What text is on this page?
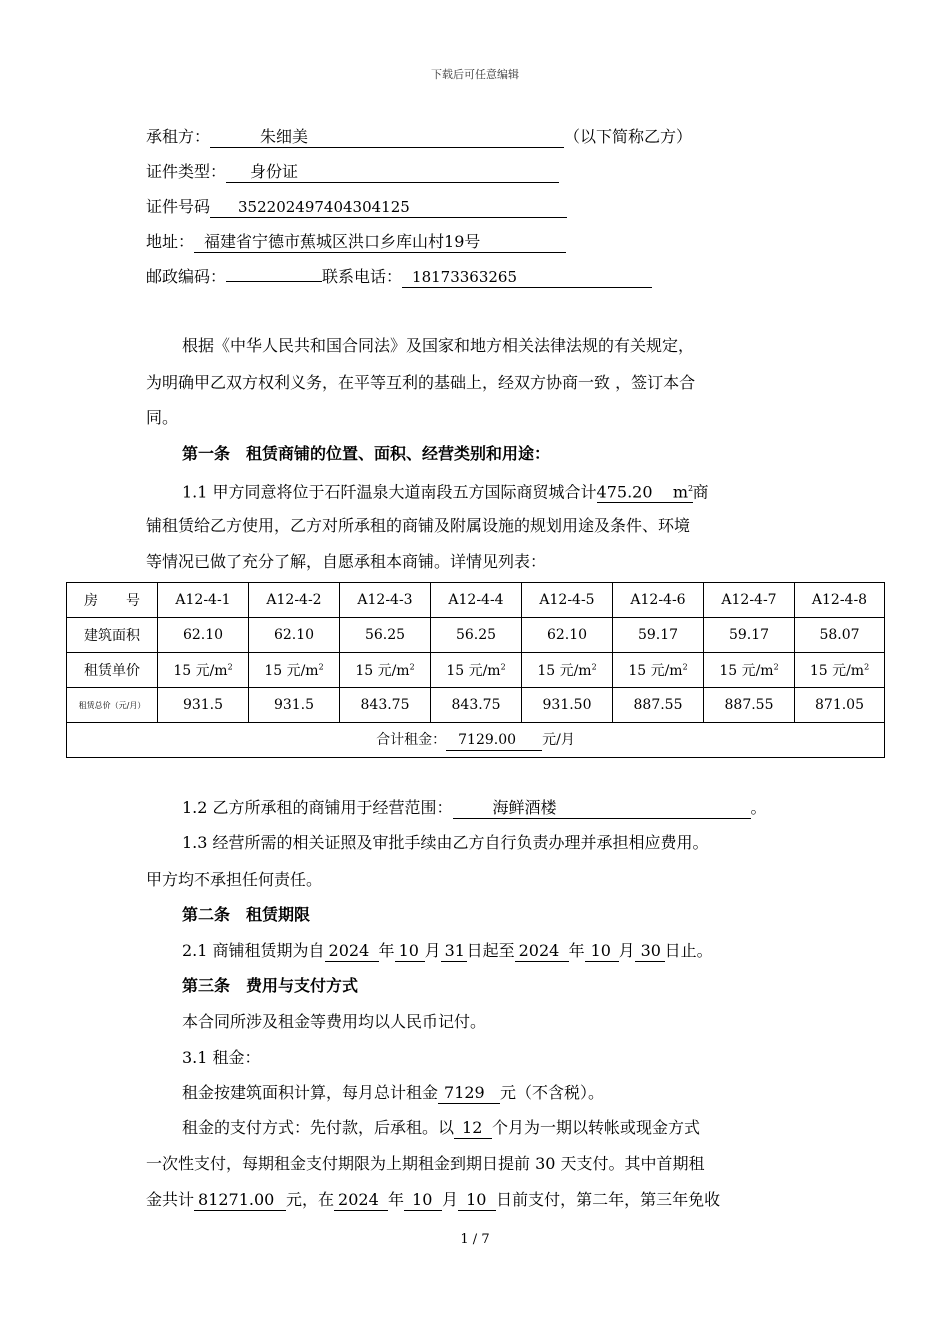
下载后可任意编辑
承租方：	朱细美	（以下简称乙方）
证件类型： 身份证
证件号码 352202497404304125
地址： 福建省宁德市蕉城区洪口乡库山村19号
邮政编码：	联系电话： 18173363265
根据《中华人民共和国合同法》及国家和地方相关法律法规的有关规定，
为明确甲乙双方权利义务，在平等互利的基础上，经双方协商一致 ，签订本合
同。
第一条　租赁商铺的位置、面积、经营类别和用途：
1.1 甲方同意将位于石阡温泉大道南段五方国际商贸城合计475.20 $m^2$商
铺租赁给乙方使用，乙方对所承租的商铺及附属设施的规划用途及条件、环境
等情况已做了充分了解，自愿承租本商铺。详情见列表：
房　　号	A12-4-1	A12-4-2	A12-4-3	A12-4-4	A12-4-5	A12-4-6	A12-4-7	A12-4-8
建筑面积	62.10	62.10	56.25	56.25	62.10	59.17	59.17	58.07
租赁单价	15 元$/m^2$	15 元$/m^2$	15 元$/m^2$	15 元$/m^2$	15 元$/m^2$	15 元$/m^2$	15 元$/m^2$	15 元$/m^2$
租赁总价（元/月）	931.5	931.5	843.75	843.75	931.50	887.55	887.55	871.05
合计租金： 7129.00 元/月								
1.2 乙方所承租的商铺用于经营范围：	海鲜酒楼	。
1.3 经营所需的相关证照及审批手续由乙方自行负责办理并承担相应费用。
甲方均不承担任何责任。
第二条　租赁期限
2.1 商铺租赁期为自 2024 年 10 月 31 日起至 2024 年 10 月 30 日止。
第三条　费用与支付方式
本合同所涉及租金等费用均以人民币记付。
3.1 租金：
租金按建筑面积计算，每月总计租金 7129 元（不含税）。
租金的支付方式：先付款，后承租。以 12 个月为一期以转帐或现金方式
一次性支付，每期租金支付期限为上期租金到期日提前 30 天支付。其中首期租
金共计 81271.00 元，在 2024 年 10 月 10 日前支付，第二年，第三年免收
1 / 7
